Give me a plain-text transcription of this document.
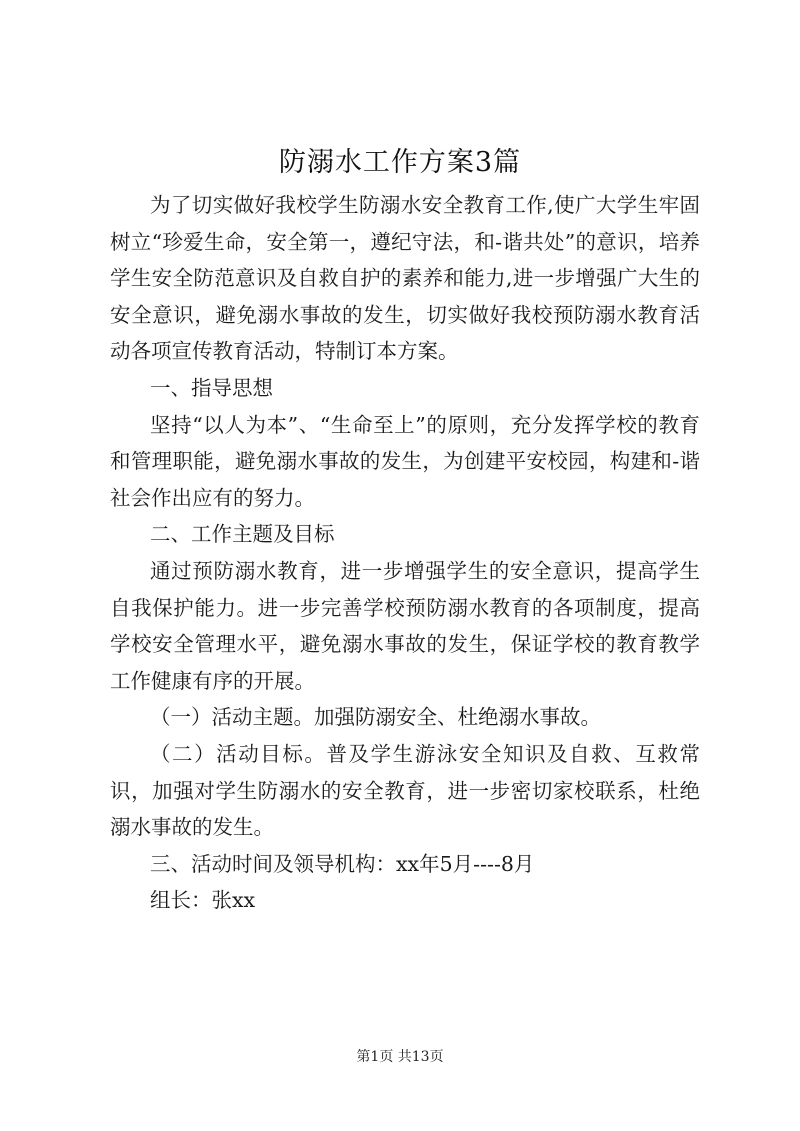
防溺水工作方案3篇

为了切实做好我校学生防溺水安全教育工作,使广大学生牢固树立“珍爱生命，安全第一，遵纪守法，和-谐共处”的意识，培养学生安全防范意识及自救自护的素养和能力,进一步增强广大生的安全意识，避免溺水事故的发生，切实做好我校预防溺水教育活动各项宣传教育活动，特制订本方案。

一、指导思想

坚持“以人为本”、“生命至上”的原则，充分发挥学校的教育和管理职能，避免溺水事故的发生，为创建平安校园，构建和-谐社会作出应有的努力。

二、工作主题及目标

通过预防溺水教育，进一步增强学生的安全意识，提高学生自我保护能力。进一步完善学校预防溺水教育的各项制度，提高学校安全管理水平，避免溺水事故的发生，保证学校的教育教学工作健康有序的开展。

（一）活动主题。加强防溺安全、杜绝溺水事故。

（二）活动目标。普及学生游泳安全知识及自救、互救常识，加强对学生防溺水的安全教育，进一步密切家校联系，杜绝溺水事故的发生。

三、活动时间及领导机构：xx年5月----8月

组长：张xx

第1页 共13页
